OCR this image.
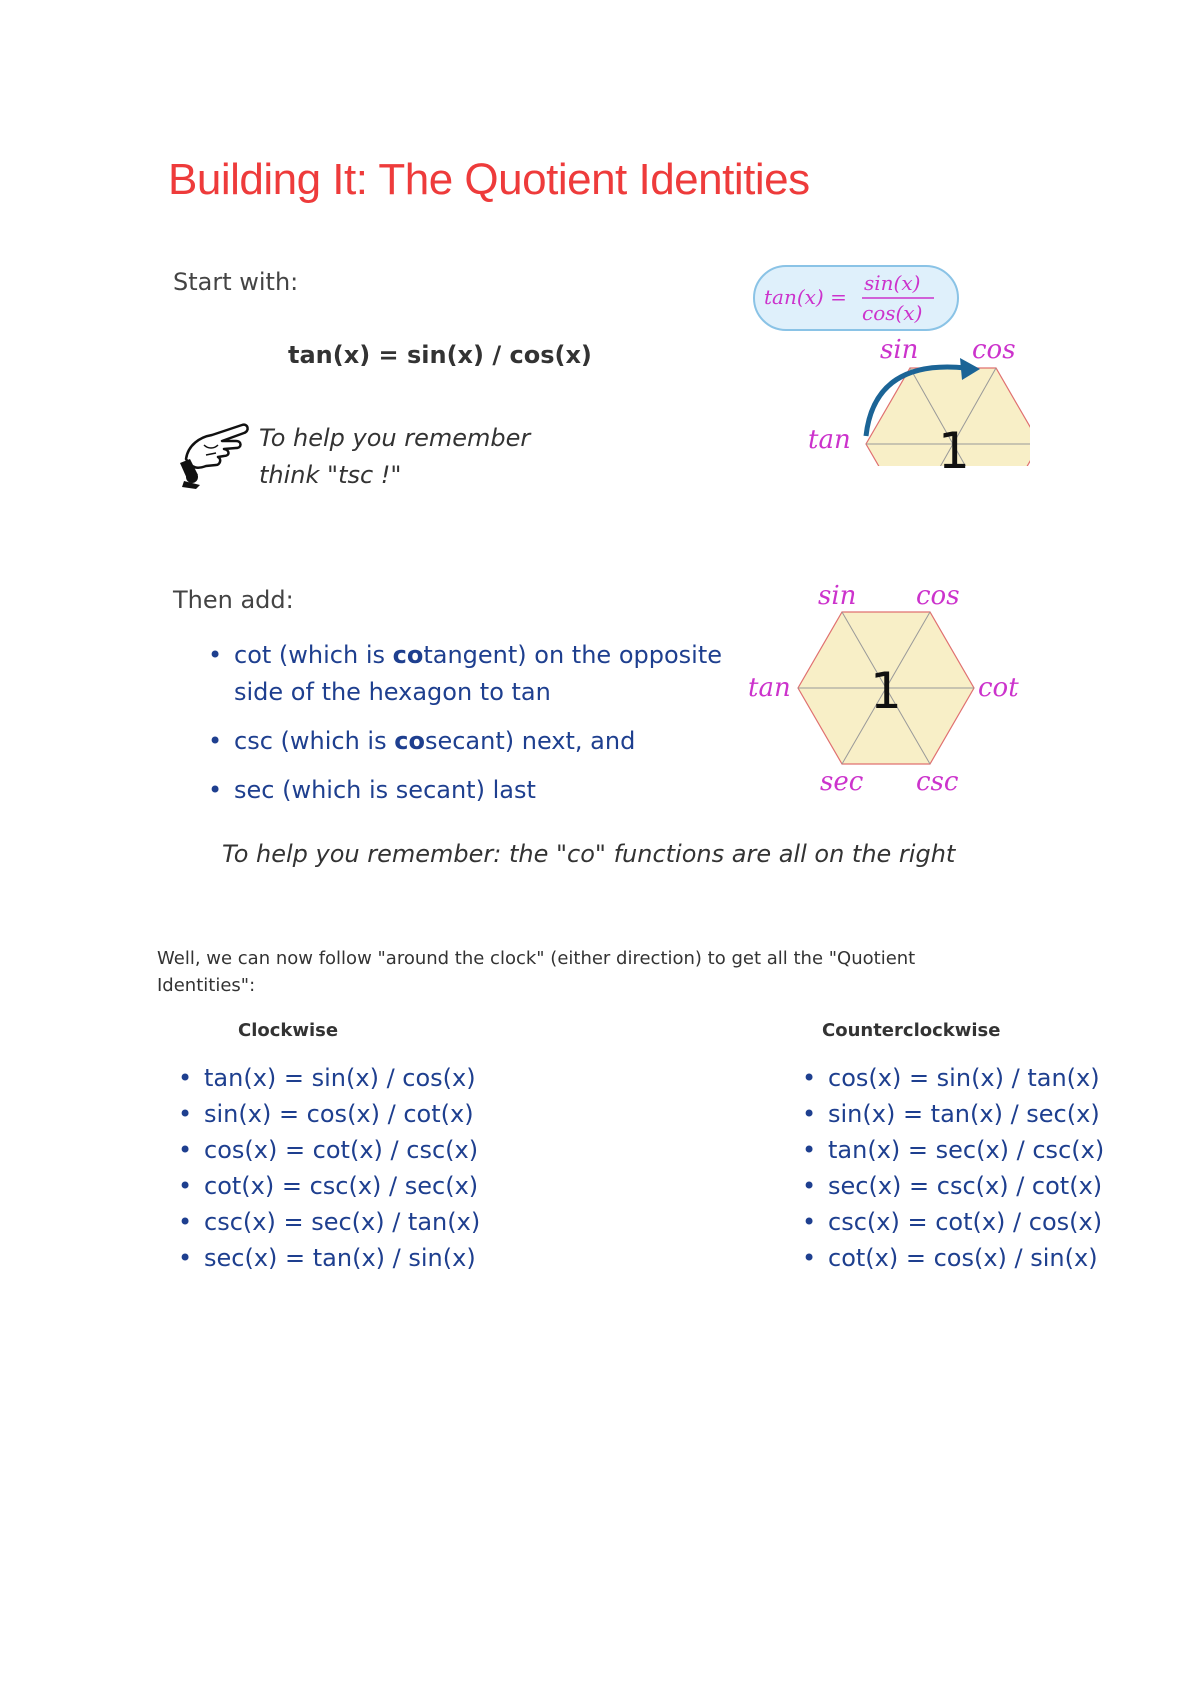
Building It: The Quotient Identities
Start with:
tan(x) = sin(x) / cos(x)
To help you remember
think "tsc !"
tan(x) =
sin(x)
cos(x)
sin cos
tan 1
Then add:
• cot (which is cotangent) on the opposite side of the hexagon to tan
• csc (which is cosecant) next, and
• sec (which is secant) last
sin cos
tan	cot
sec csc
1
To help you remember: the "co" functions are all on the right
Well, we can now follow "around the clock" (either direction) to get all the "Quotient Identities":
Clockwise
• tan(x) = sin(x) / cos(x)
• sin(x) = cos(x) / cot(x)
• cos(x) = cot(x) / csc(x)
• cot(x) = csc(x) / sec(x)
• csc(x) = sec(x) / tan(x)
• sec(x) = tan(x) / sin(x)
Counterclockwise
• cos(x) = sin(x) / tan(x)
• sin(x) = tan(x) / sec(x)
• tan(x) = sec(x) / csc(x)
• sec(x) = csc(x) / cot(x)
• csc(x) = cot(x) / cos(x)
• cot(x) = cos(x) / sin(x)
